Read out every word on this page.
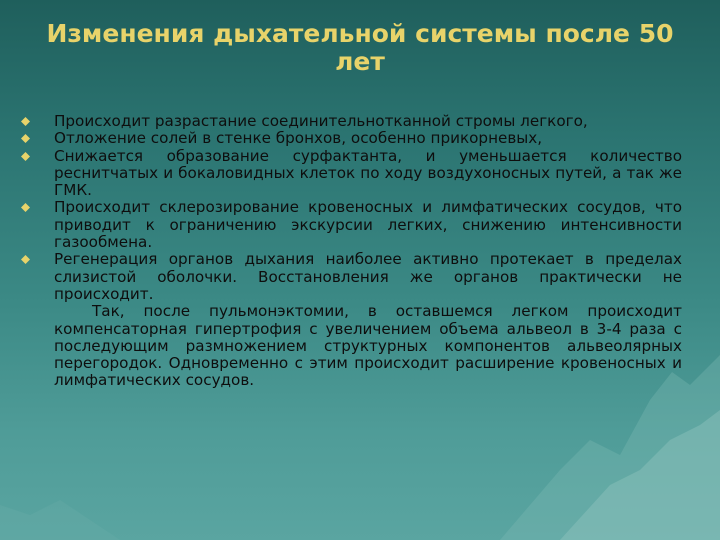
Изменения дыхательной системы после 50 лет
Происходит разрастание соединительнотканной стромы легкого,
Отложение солей в стенке бронхов, особенно прикорневых,
Снижается образование сурфактанта, и уменьшается количество реснитчатых и бокаловидных клеток по ходу воздухоносных путей, а так же ГМК.
Происходит склерозирование кровеносных и лимфатических сосудов, что приводит к ограничению экскурсии легких, снижению интенсивности газообмена.
Регенерация органов дыхания наиболее активно протекает в пределах слизистой оболочки. Восстановления же органов практически не происходит.

Так, после пульмонэктомии, в оставшемся легком происходит компенсаторная гипертрофия с увеличением объема альвеол в 3-4 раза с последующим размножением структурных компонентов альвеолярных перегородок. Одновременно с этим происходит расширение кровеносных и лимфатических сосудов.
